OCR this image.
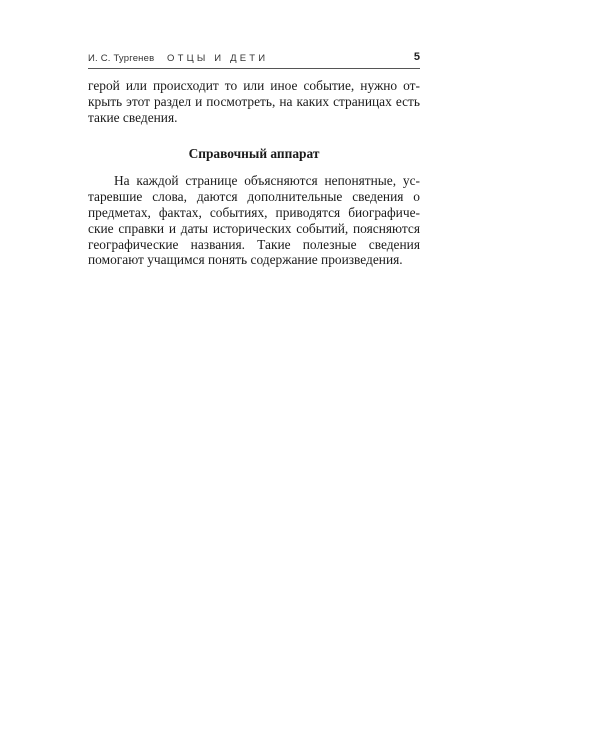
И. С. Тургенев ОТЦЫ И ДЕТИ	5

герой или происходит то или иное событие, нужно открыть этот раздел и посмотреть, на каких страницах есть такие сведения.

Справочный аппарат

На каждой странице объясняются непонятные, устаревшие слова, даются дополнительные сведения о предметах, фактах, событиях, приводятся биографические справки и даты исторических событий, поясняются географические названия. Такие полезные сведения помогают учащимся понять содержание произведения.
